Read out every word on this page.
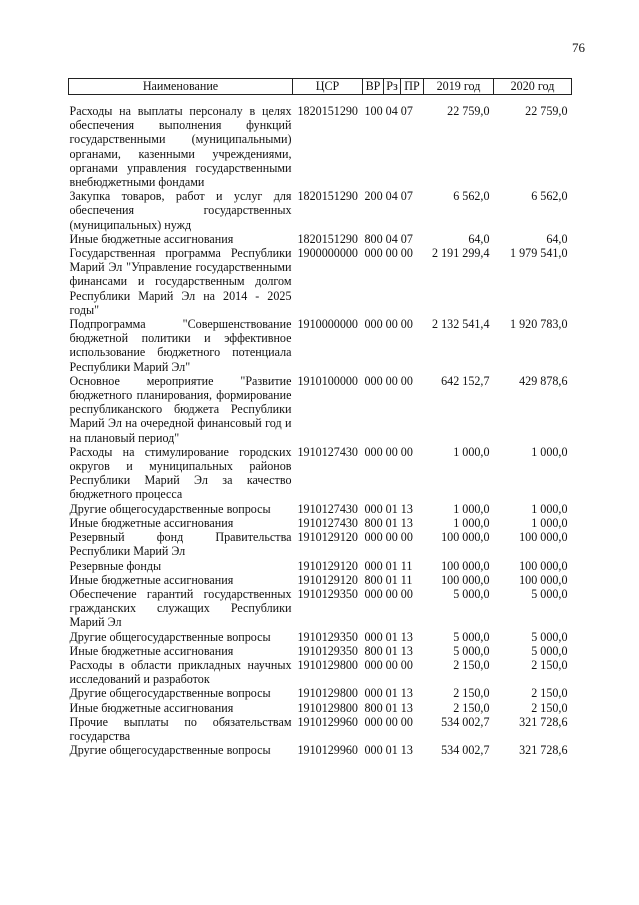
76
Наименование	ЦСР	ВР	Рз	ПР	2019 год	2020 год
Расходы на выплаты персоналу в целях обеспечения выполнения функций государственными (муниципальными) органами, казенными учреждениями, органами управления государственными внебюджетными фондами	1820151290	100 04 07			22 759,0	22 759,0
Закупка товаров, работ и услуг для обеспечения государственных (муниципальных) нужд	1820151290	200 04 07			6 562,0	6 562,0
Иные бюджетные ассигнования	1820151290	800 04 07			64,0	64,0
Государственная программа Республики Марий Эл "Управление государственными финансами и государственным долгом Республики Марий Эл на 2014 - 2025 годы"	1900000000	000 00 00			2 191 299,4	1 979 541,0
Подпрограмма "Совершенствование бюджетной политики и эффективное использование бюджетного потенциала Республики Марий Эл"	1910000000	000 00 00			2 132 541,4	1 920 783,0
Основное мероприятие "Развитие бюджетного планирования, формирование республиканского бюджета Республики Марий Эл на очередной финансовый год и на плановый период"	1910100000	000 00 00			642 152,7	429 878,6
Расходы на стимулирование городских округов и муниципальных районов Республики Марий Эл за качество бюджетного процесса	1910127430	000 00 00			1 000,0	1 000,0
Другие общегосударственные вопросы	1910127430	000 01 13			1 000,0	1 000,0
Иные бюджетные ассигнования	1910127430	800 01 13			1 000,0	1 000,0
Резервный фонд Правительства Республики Марий Эл	1910129120	000 00 00			100 000,0	100 000,0
Резервные фонды	1910129120	000 01 11			100 000,0	100 000,0
Иные бюджетные ассигнования	1910129120	800 01 11			100 000,0	100 000,0
Обеспечение гарантий государственных гражданских служащих Республики Марий Эл	1910129350	000 00 00			5 000,0	5 000,0
Другие общегосударственные вопросы	1910129350	000 01 13			5 000,0	5 000,0
Иные бюджетные ассигнования	1910129350	800 01 13			5 000,0	5 000,0
Расходы в области прикладных научных исследований и разработок	1910129800	000 00 00			2 150,0	2 150,0
Другие общегосударственные вопросы	1910129800	000 01 13			2 150,0	2 150,0
Иные бюджетные ассигнования	1910129800	800 01 13			2 150,0	2 150,0
Прочие выплаты по обязательствам государства	1910129960	000 00 00			534 002,7	321 728,6
Другие общегосударственные вопросы	1910129960	000 01 13			534 002,7	321 728,6
